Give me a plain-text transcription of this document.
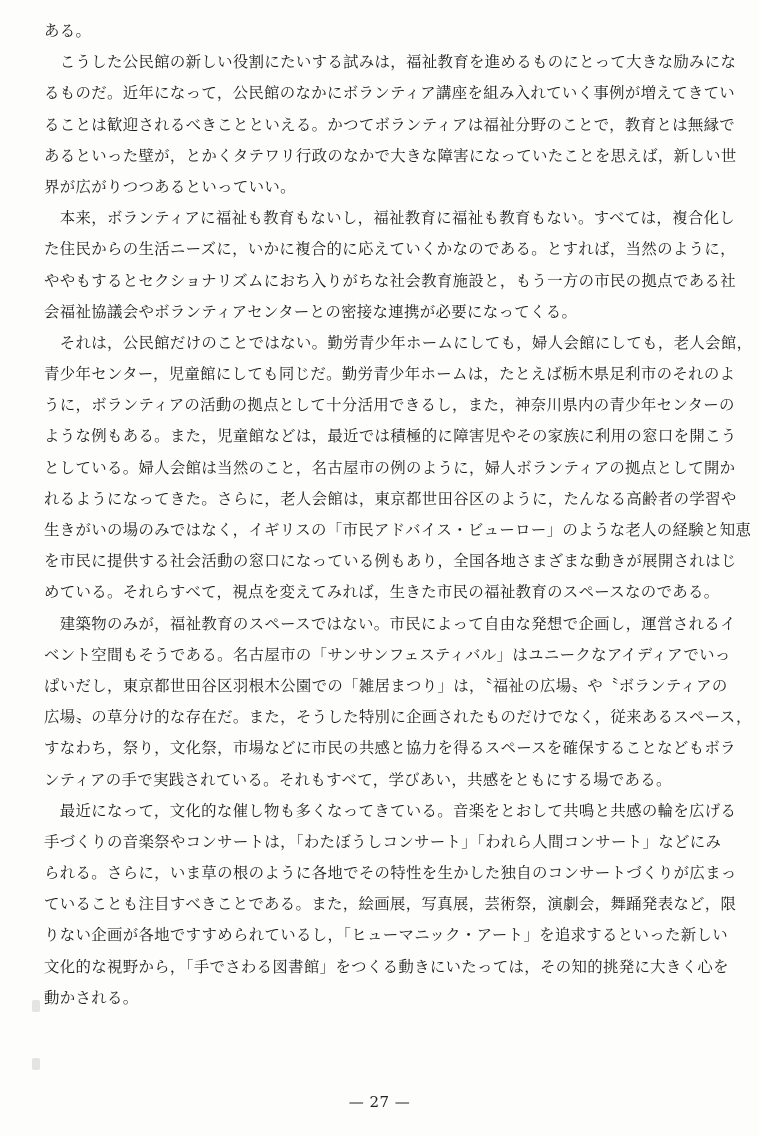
ある。
　こうした公民館の新しい役割にたいする試みは，福祉教育を進めるものにとって大きな励みにな
るものだ。近年になって，公民館のなかにボランティア講座を組み入れていく事例が増えてきてい
ることは歓迎されるべきことといえる。かつてボランティアは福祉分野のことで，教育とは無縁で
あるといった壁が，とかくタテワリ行政のなかで大きな障害になっていたことを思えば，新しい世
界が広がりつつあるといっていい。
　本来，ボランティアに福祉も教育もないし，福祉教育に福祉も教育もない。すべては，複合化し
た住民からの生活ニーズに，いかに複合的に応えていくかなのである。とすれば，当然のように，
ややもするとセクショナリズムにおち入りがちな社会教育施設と，もう一方の市民の拠点である社
会福祉協議会やボランティアセンターとの密接な連携が必要になってくる。
　それは，公民館だけのことではない。勤労青少年ホームにしても，婦人会館にしても，老人会館，
青少年センター，児童館にしても同じだ。勤労青少年ホームは，たとえば栃木県足利市のそれのよ
うに，ボランティアの活動の拠点として十分活用できるし，また，神奈川県内の青少年センターの
ような例もある。また，児童館などは，最近では積極的に障害児やその家族に利用の窓口を開こう
としている。婦人会館は当然のこと，名古屋市の例のように，婦人ボランティアの拠点として開か
れるようになってきた。さらに，老人会館は，東京都世田谷区のように，たんなる高齢者の学習や
生きがいの場のみではなく，イギリスの「市民アドバイス・ビューロー」のような老人の経験と知恵
を市民に提供する社会活動の窓口になっている例もあり，全国各地さまざまな動きが展開されはじ
めている。それらすべて，視点を変えてみれば，生きた市民の福祉教育のスペースなのである。
　建築物のみが，福祉教育のスペースではない。市民によって自由な発想で企画し，運営されるイ
ベント空間もそうである。名古屋市の「サンサンフェスティバル」はユニークなアイディアでいっ
ぱいだし，東京都世田谷区羽根木公園での「雑居まつり」は，〝福祉の広場〟や〝ボランティアの
広場〟の草分け的な存在だ。また，そうした特別に企画されたものだけでなく，従来あるスペース，
すなわち，祭り，文化祭，市場などに市民の共感と協力を得るスペースを確保することなどもボラ
ンティアの手で実践されている。それもすべて，学びあい，共感をともにする場である。
　最近になって，文化的な催し物も多くなってきている。音楽をとおして共鳴と共感の輪を広げる
手づくりの音楽祭やコンサートは，「わたぼうしコンサート」「われら人間コンサート」などにみ
られる。さらに，いま草の根のように各地でその特性を生かした独自のコンサートづくりが広まっ
ていることも注目すべきことである。また，絵画展，写真展，芸術祭，演劇会，舞踊発表など，限
りない企画が各地ですすめられているし，「ヒューマニック・アート」を追求するといった新しい
文化的な視野から，「手でさわる図書館」をつくる動きにいたっては，その知的挑発に大きく心を
動かされる。
— 27 —
